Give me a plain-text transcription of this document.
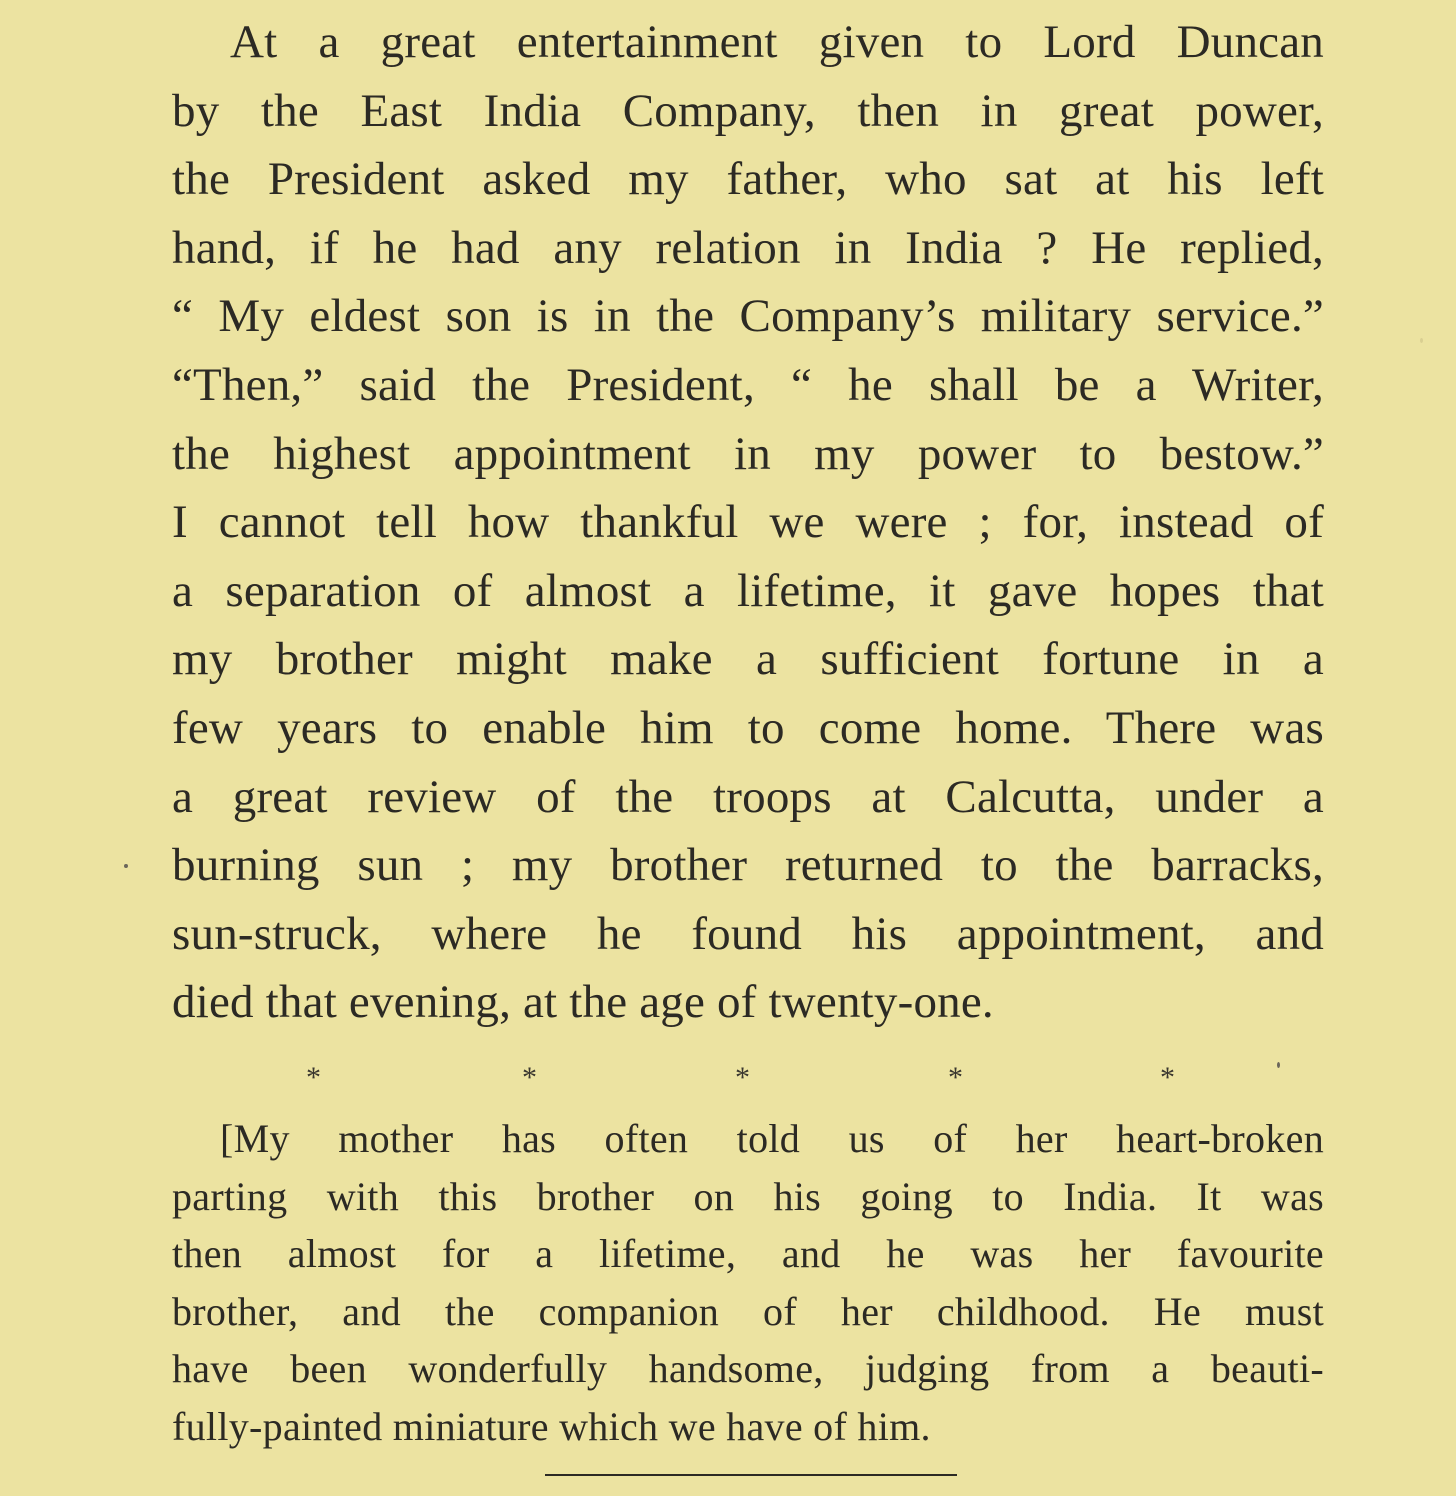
At a great entertainment given to Lord Duncan
by the East India Company, then in great power,
the President asked my father, who sat at his left
hand, if he had any relation in India ? He replied,
“ My eldest son is in the Company’s military service.”
“Then,” said the President, “ he shall be a Writer,
the highest appointment in my power to bestow.”
I cannot tell how thankful we were ; for, instead of
a separation of almost a lifetime, it gave hopes that
my brother might make a sufficient fortune in a
few years to enable him to come home. There was
a great review of the troops at Calcutta, under a
burning sun ; my brother returned to the barracks,
sun-struck, where he found his appointment, and
died that evening, at the age of twenty-one.
*	*	*	*	*
[My mother has often told us of her heart-broken
parting with this brother on his going to India. It was
then almost for a lifetime, and he was her favourite
brother, and the companion of her childhood. He must
have been wonderfully handsome, judging from a beauti-
fully-painted miniature which we have of him.
